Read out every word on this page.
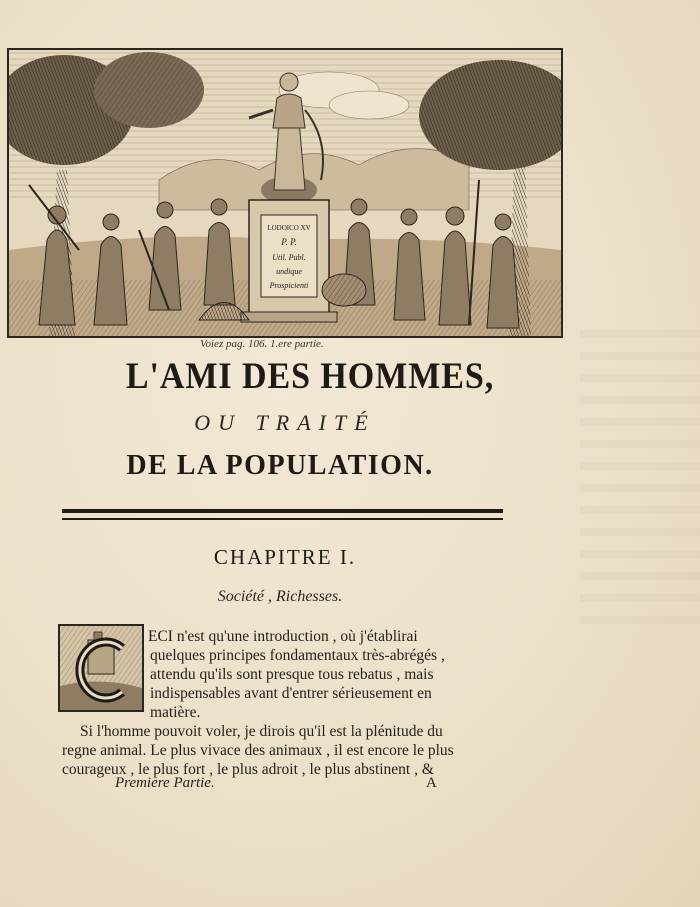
LODOICO XV
P. P.
Util. Publ.
undique
Prospicienti
Voiez pag. 106. 1.ere partie.
L'AMI DES HOMMES,
OU TRAITÉ
DE LA POPULATION.
CHAPITRE I.
Société , Richesses.
ECI n'est qu'une introduction , où j'établirai
quelques principes fondamentaux très-abrégés ,
attendu qu'ils sont presque tous rebatus , mais
indispensables avant d'entrer sérieusement en
matière.
Si l'homme pouvoit voler, je dirois qu'il est la plénitude du
regne animal. Le plus vivace des animaux , il est encore le plus
courageux , le plus fort , le plus adroit , le plus abstinent , &
Premiere Partie.	A
